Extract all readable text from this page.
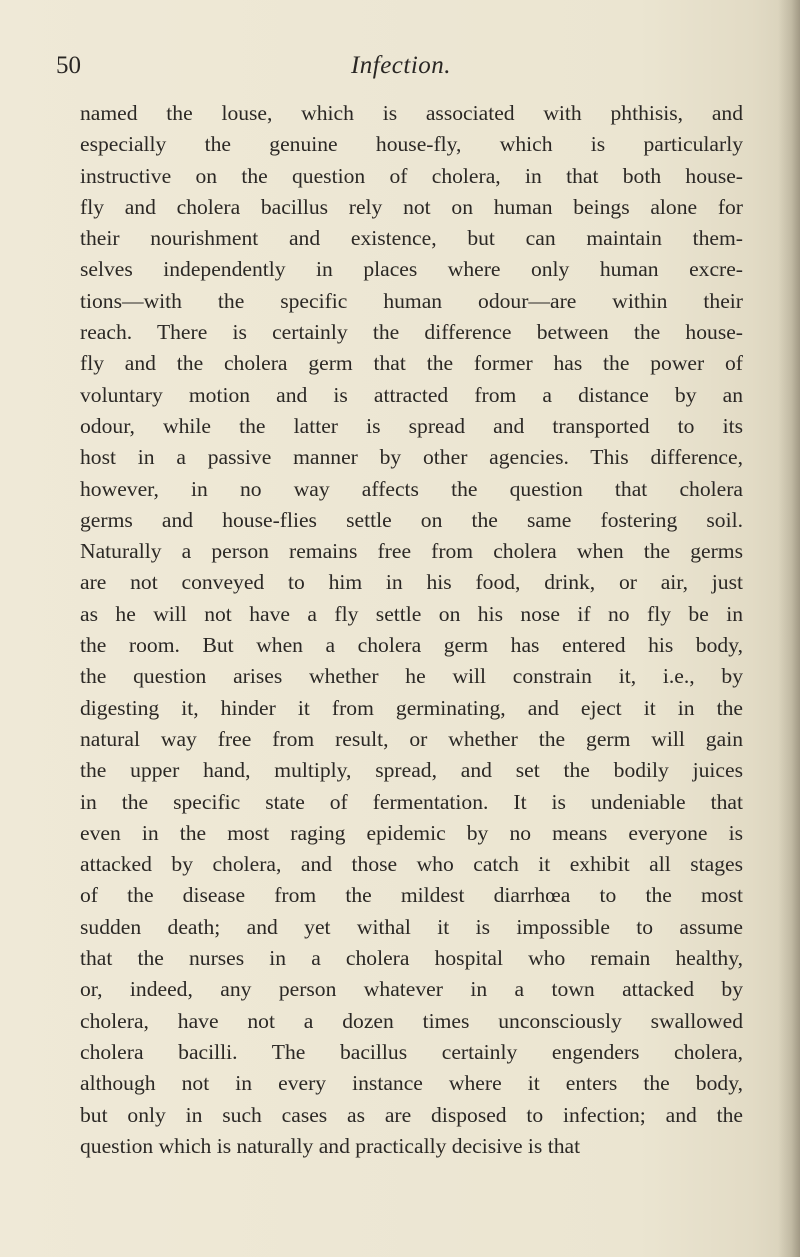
50	Infection.
named the louse, which is associated with phthisis, and
especially the genuine house-fly, which is particularly
instructive on the question of cholera, in that both house-
fly and cholera bacillus rely not on human beings alone for
their nourishment and existence, but can maintain them-
selves independently in places where only human excre-
tions—with the specific human odour—are within their
reach. There is certainly the difference between the house-
fly and the cholera germ that the former has the power of
voluntary motion and is attracted from a distance by an
odour, while the latter is spread and transported to its
host in a passive manner by other agencies. This difference,
however, in no way affects the question that cholera
germs and house-flies settle on the same fostering soil.
Naturally a person remains free from cholera when the germs
are not conveyed to him in his food, drink, or air, just
as he will not have a fly settle on his nose if no fly be in
the room. But when a cholera germ has entered his body,
the question arises whether he will constrain it, i.e., by
digesting it, hinder it from germinating, and eject it in the
natural way free from result, or whether the germ will gain
the upper hand, multiply, spread, and set the bodily juices
in the specific state of fermentation. It is undeniable that
even in the most raging epidemic by no means everyone is
attacked by cholera, and those who catch it exhibit all stages
of the disease from the mildest diarrhœa to the most
sudden death; and yet withal it is impossible to assume
that the nurses in a cholera hospital who remain healthy,
or, indeed, any person whatever in a town attacked by
cholera, have not a dozen times unconsciously swallowed
cholera bacilli. The bacillus certainly engenders cholera,
although not in every instance where it enters the body,
but only in such cases as are disposed to infection; and the
question which is naturally and practically decisive is that
